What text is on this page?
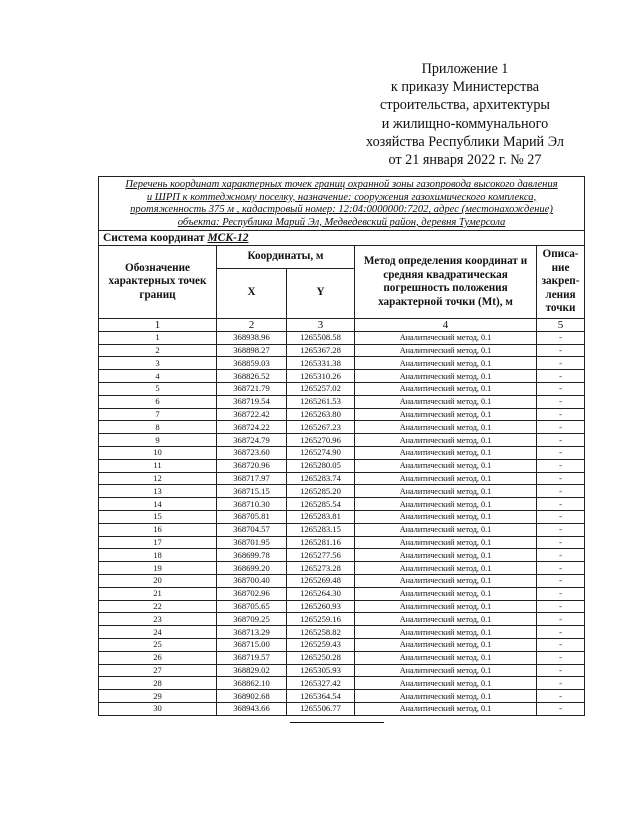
Приложение 1
к приказу Министерства
строительства, архитектуры
и жилищно-коммунального
хозяйства Республики Марий Эл
от 21 января 2022 г. № 27
Перечень координат характерных точек границ охранной зоны газопровода высокого давления
и ШРП к коттеджному поселку, назначение: сооружения газохимического комплекса,
протяженность 375 м , кадастровый номер: 12:04:0000000:7202, адрес (местонахождение)
объекта: Республика Марий Эл, Медведевский район, деревня Тумерсола				

Система координат МСК-12				
Обозначение характерных точек границ	Координаты, м		Метод определения координат и средняя квадратическая погрешность положения характерной точки (Mt), м	Описа- ние закреп- ления точки
	X	Y		
1	2	3	4	5
1	368938.96	1265508.58	Аналитический метод, 0.1	-
2	368898.27	1265367.28	Аналитический метод, 0.1	-
3	368859.03	1265331.38	Аналитический метод, 0.1	-
4	368826.52	1265310.26	Аналитический метод, 0.1	-
5	368721.79	1265257.02	Аналитический метод, 0.1	-
6	368719.54	1265261.53	Аналитический метод, 0.1	-
7	368722.42	1265263.80	Аналитический метод, 0.1	-
8	368724.22	1265267.23	Аналитический метод, 0.1	-
9	368724.79	1265270.96	Аналитический метод, 0.1	-
10	368723.60	1265274.90	Аналитический метод, 0.1	-
11	368720.96	1265280.05	Аналитический метод, 0.1	-
12	368717.97	1265283.74	Аналитический метод, 0.1	-
13	368715.15	1265285.20	Аналитический метод, 0.1	-
14	368710.30	1265285.54	Аналитический метод, 0.1	-
15	368705.81	1265283.81	Аналитический метод, 0.1	-
16	368704.57	1265283.15	Аналитический метод, 0.1	-
17	368701.95	1265281.16	Аналитический метод, 0.1	-
18	368699.78	1265277.56	Аналитический метод, 0.1	-
19	368699.20	1265273.28	Аналитический метод, 0.1	-
20	368700.40	1265269.48	Аналитический метод, 0.1	-
21	368702.96	1265264.30	Аналитический метод, 0.1	-
22	368705.65	1265260.93	Аналитический метод, 0.1	-
23	368709.25	1265259.16	Аналитический метод, 0.1	-
24	368713.29	1265258.82	Аналитический метод, 0.1	-
25	368715.00	1265259.43	Аналитический метод, 0.1	-
26	368719.57	1265250.28	Аналитический метод, 0.1	-
27	368829.02	1265305.93	Аналитический метод, 0.1	-
28	368862.10	1265327.42	Аналитический метод, 0.1	-
29	368902.68	1265364.54	Аналитический метод, 0.1	-
30	368943.66	1265506.77	Аналитический метод, 0.1	-
